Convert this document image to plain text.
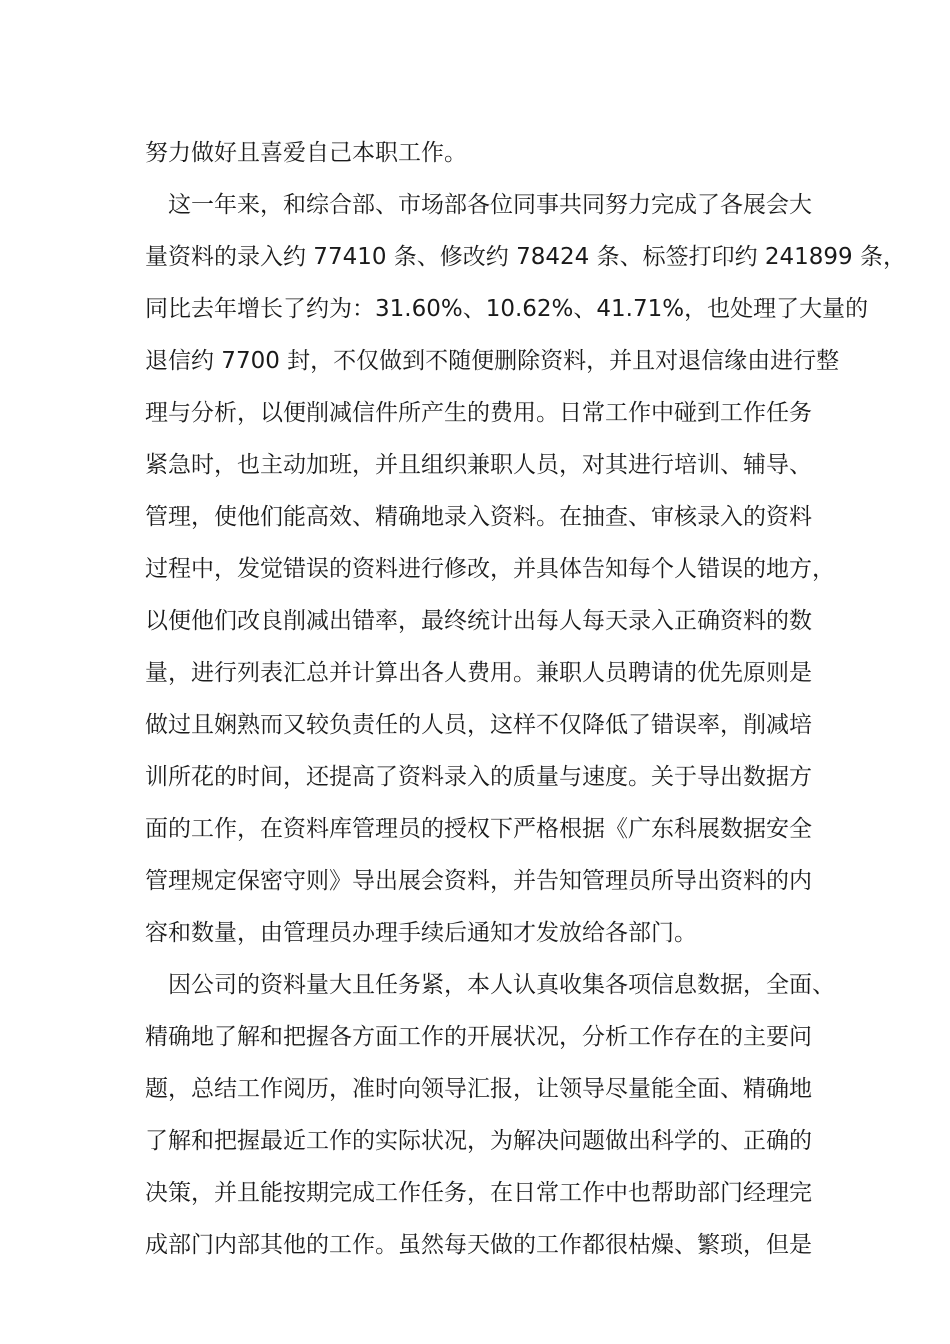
努力做好且喜爱自己本职工作。
这一年来，和综合部、市场部各位同事共同努力完成了各展会大
量资料的录入约 77410 条、修改约 78424 条、标签打印约 241899 条，
同比去年增长了约为：31.60%、10.62%、41.71%，也处理了大量的
退信约 7700 封，不仅做到不随便删除资料，并且对退信缘由进行整
理与分析，以便削减信件所产生的费用。日常工作中碰到工作任务
紧急时，也主动加班，并且组织兼职人员，对其进行培训、辅导、
管理，使他们能高效、精确地录入资料。在抽查、审核录入的资料
过程中，发觉错误的资料进行修改，并具体告知每个人错误的地方，
以便他们改良削减出错率，最终统计出每人每天录入正确资料的数
量，进行列表汇总并计算出各人费用。兼职人员聘请的优先原则是
做过且娴熟而又较负责任的人员，这样不仅降低了错误率，削减培
训所花的时间，还提高了资料录入的质量与速度。关于导出数据方
面的工作，在资料库管理员的授权下严格根据《广东科展数据安全
管理规定保密守则》导出展会资料，并告知管理员所导出资料的内
容和数量，由管理员办理手续后通知才发放给各部门。
因公司的资料量大且任务紧，本人认真收集各项信息数据，全面、
精确地了解和把握各方面工作的开展状况，分析工作存在的主要问
题，总结工作阅历，准时向领导汇报，让领导尽量能全面、精确地
了解和把握最近工作的实际状况，为解决问题做出科学的、正确的
决策，并且能按期完成工作任务，在日常工作中也帮助部门经理完
成部门内部其他的工作。虽然每天做的工作都很枯燥、繁琐，但是
